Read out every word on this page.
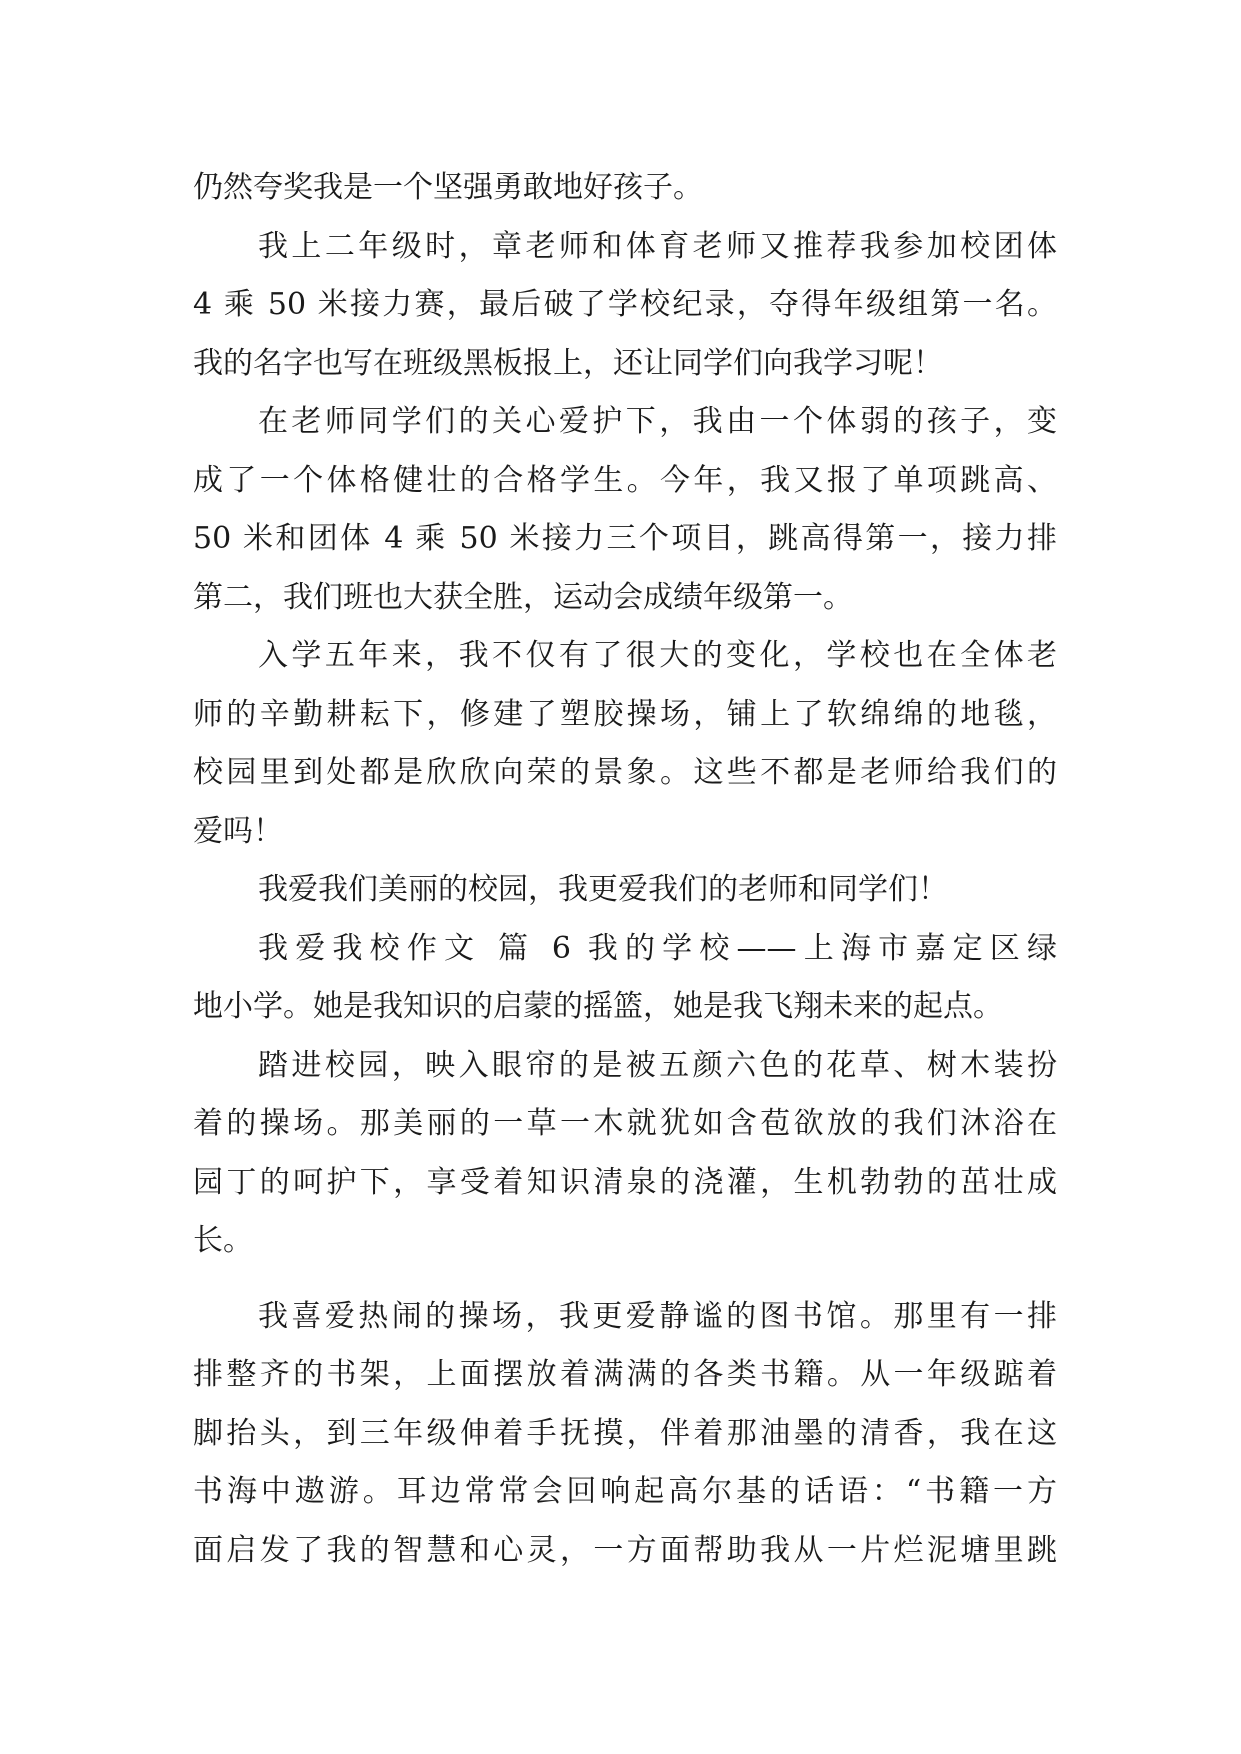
仍然夸奖我是一个坚强勇敢地好孩子。
我上二年级时，章老师和体育老师又推荐我参加校团体
4 乘 50 米接力赛，最后破了学校纪录，夺得年级组第一名。
我的名字也写在班级黑板报上，还让同学们向我学习呢！
在老师同学们的关心爱护下，我由一个体弱的孩子，变
成了一个体格健壮的合格学生。今年，我又报了单项跳高、
50 米和团体 4 乘 50 米接力三个项目，跳高得第一，接力排
第二，我们班也大获全胜，运动会成绩年级第一。
入学五年来，我不仅有了很大的变化，学校也在全体老
师的辛勤耕耘下，修建了塑胶操场，铺上了软绵绵的地毯，
校园里到处都是欣欣向荣的景象。这些不都是老师给我们的
爱吗！
我爱我们美丽的校园，我更爱我们的老师和同学们！
我爱我校作文 篇 6 我的学校——上海市嘉定区绿
地小学。她是我知识的启蒙的摇篮，她是我飞翔未来的起点。
踏进校园，映入眼帘的是被五颜六色的花草、树木装扮
着的操场。那美丽的一草一木就犹如含苞欲放的我们沐浴在
园丁的呵护下，享受着知识清泉的浇灌，生机勃勃的茁壮成
长。
我喜爱热闹的操场，我更爱静谧的图书馆。那里有一排
排整齐的书架，上面摆放着满满的各类书籍。从一年级踮着
脚抬头，到三年级伸着手抚摸，伴着那油墨的清香，我在这
书海中遨游。耳边常常会回响起高尔基的话语：“书籍一方
面启发了我的智慧和心灵，一方面帮助我从一片烂泥塘里跳
